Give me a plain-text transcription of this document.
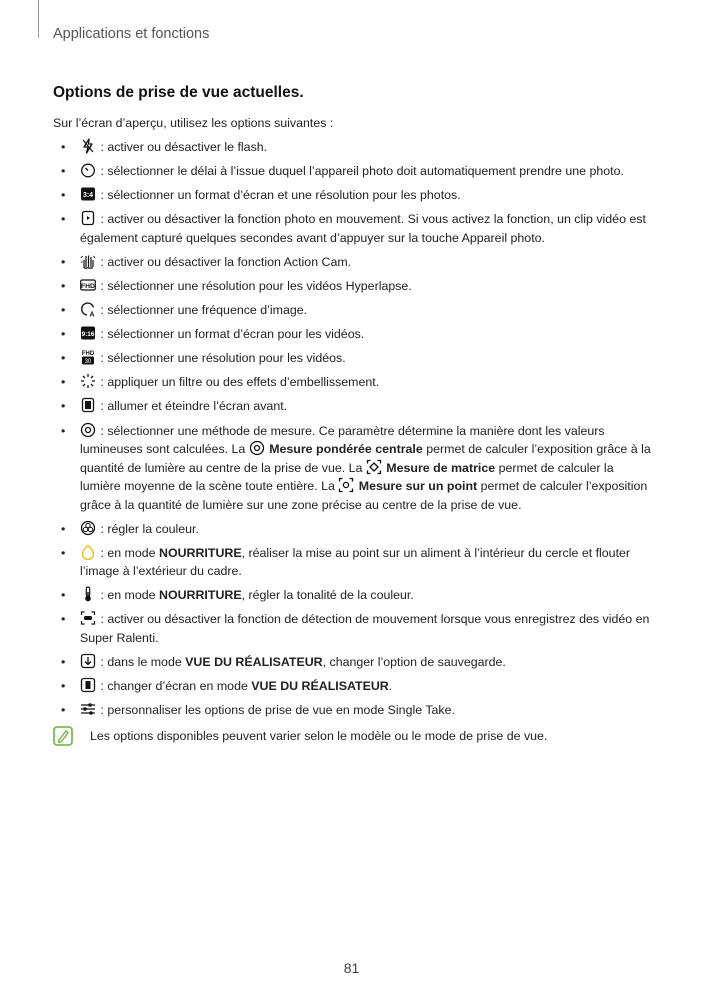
Applications et fonctions
Options de prise de vue actuelles.
Sur l’écran d’aperçu, utilisez les options suivantes :
•	: activer ou désactiver le flash.
•	: sélectionner le délai à l’issue duquel l’appareil photo doit automatiquement prendre une photo.
•	3:4 : sélectionner un format d’écran et une résolution pour les photos.
•	: activer ou désactiver la fonction photo en mouvement. Si vous activez la fonction, un clip vidéo est également capturé quelques secondes avant d’appuyer sur la touche Appareil photo.
•	: activer ou désactiver la fonction Action Cam.
• FHD : sélectionner une résolution pour les vidéos Hyperlapse.
•	A : sélectionner une fréquence d’image.
•	9:16 : sélectionner un format d’écran pour les vidéos.
•	FHD
30 : sélectionner une résolution pour les vidéos.
•	: appliquer un filtre ou des effets d’embellissement.
•	: allumer et éteindre l’écran avant.
•	: sélectionner une méthode de mesure. Ce paramètre détermine la manière dont les valeurs lumineuses sont calculées. La
Mesure pondérée centrale permet de calculer l’exposition grâce à la quantité de lumière au centre de la prise de vue. La
Mesure de matrice permet de calculer la lumière moyenne de la scène toute entière. La
Mesure sur un point permet de calculer l’exposition grâce à la quantité de lumière sur une zone précise au centre de la prise de vue.
•	: régler la couleur.
•	: en mode NOURRITURE, réaliser la mise au point sur un aliment à l’intérieur du cercle et flouter l’image à l’extérieur du cadre.
•	: en mode NOURRITURE, régler la tonalité de la couleur.
•	: activer ou désactiver la fonction de détection de mouvement lorsque vous enregistrez des vidéo en Super Ralenti.
•	: dans le mode VUE DU RÉALISATEUR, changer l’option de sauvegarde.
•	: changer d’écran en mode VUE DU RÉALISATEUR.
•	: personnaliser les options de prise de vue en mode Single Take.
Les options disponibles peuvent varier selon le modèle ou le mode de prise de vue.
81
